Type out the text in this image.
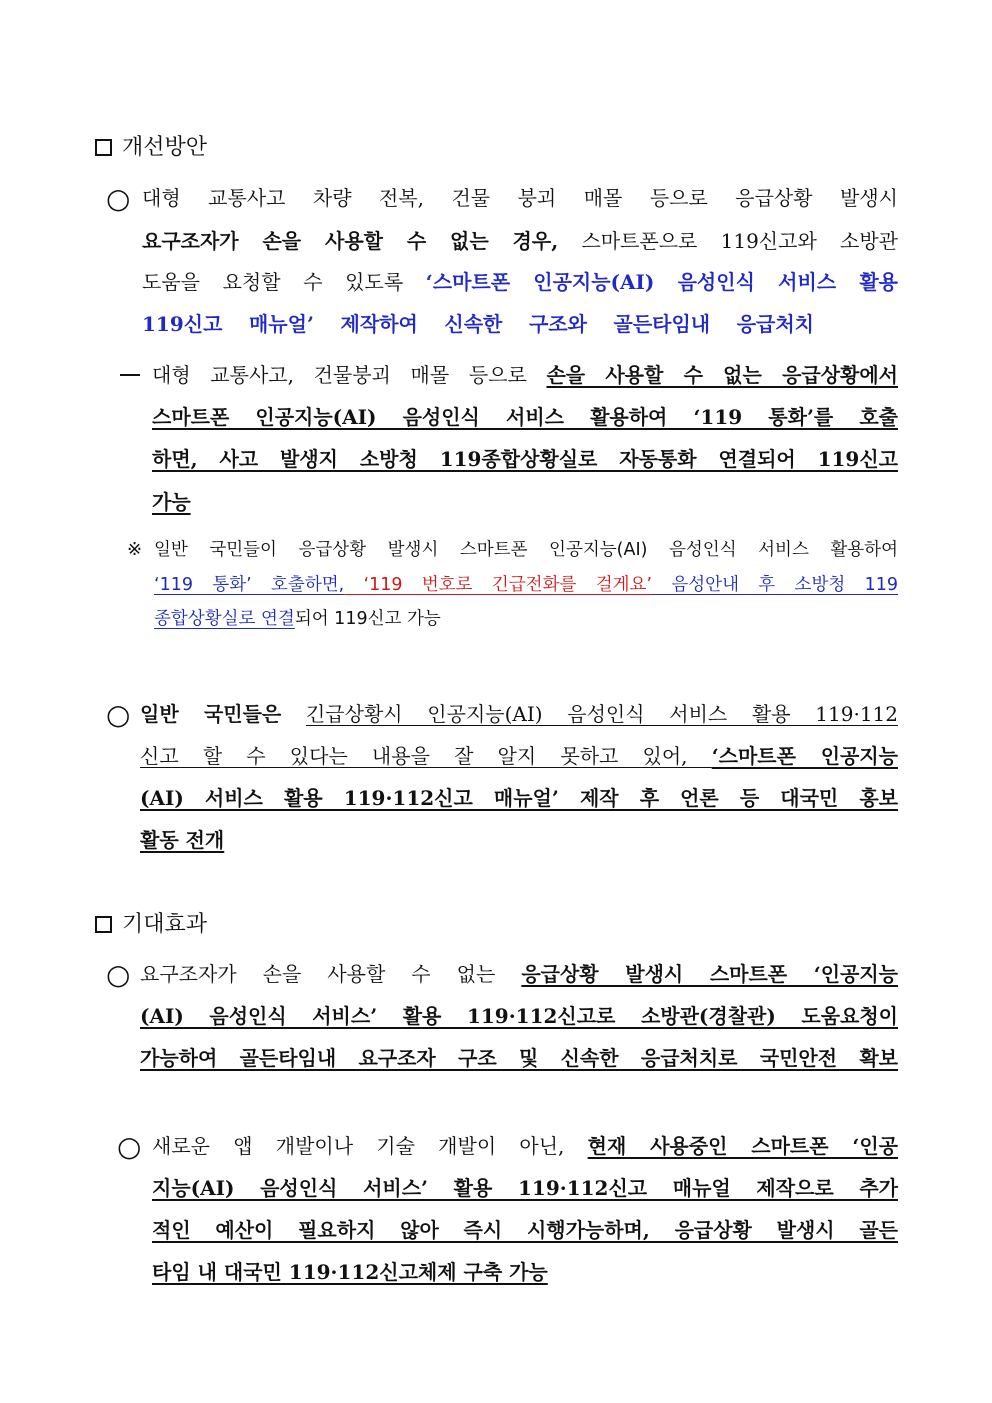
개선방안
○ 대형 교통사고 차량 전복, 건물 붕괴 매몰 등으로 응급상황 발생시
요구조자가 손을 사용할 수 없는 경우, 스마트폰으로 119신고와 소방관
도움을 요청할 수 있도록 ‘스마트폰 인공지능(AI) 음성인식 서비스 활용
119신고 매뉴얼’ 제작하여 신속한 구조와 골든타임내 응급처치
대형 교통사고, 건물붕괴 매몰 등으로 손을 사용할 수 없는 응급상황에서
스마트폰 인공지능(AI) 음성인식 서비스 활용하여 ‘119 통화’를 호출
하면, 사고 발생지 소방청 119종합상황실로 자동통화 연결되어 119신고
가능
※ 일반 국민들이 응급상황 발생시 스마트폰 인공지능(AI) 음성인식 서비스 활용하여
‘119 통화’ 호출하면, ‘119 번호로 긴급전화를 걸게요’ 음성안내 후 소방청 119
종합상황실로 연결되어 119신고 가능
○ 일반 국민들은 긴급상황시 인공지능(AI) 음성인식 서비스 활용 119·112
신고 할 수 있다는 내용을 잘 알지 못하고 있어, ‘스마트폰 인공지능
(AI) 서비스 활용 119·112신고 매뉴얼’ 제작 후 언론 등 대국민 홍보
활동 전개
기대효과
○ 요구조자가 손을 사용할 수 없는 응급상황 발생시 스마트폰 ‘인공지능
(AI) 음성인식 서비스’ 활용 119·112신고로 소방관(경찰관) 도움요청이
가능하여 골든타임내 요구조자 구조 및 신속한 응급처치로 국민안전 확보
○ 새로운 앱 개발이나 기술 개발이 아닌, 현재 사용중인 스마트폰 ‘인공
지능(AI) 음성인식 서비스’ 활용 119·112신고 매뉴얼 제작으로 추가
적인 예산이 필요하지 않아 즉시 시행가능하며, 응급상황 발생시 골든
타임 내 대국민 119·112신고체제 구축 가능
